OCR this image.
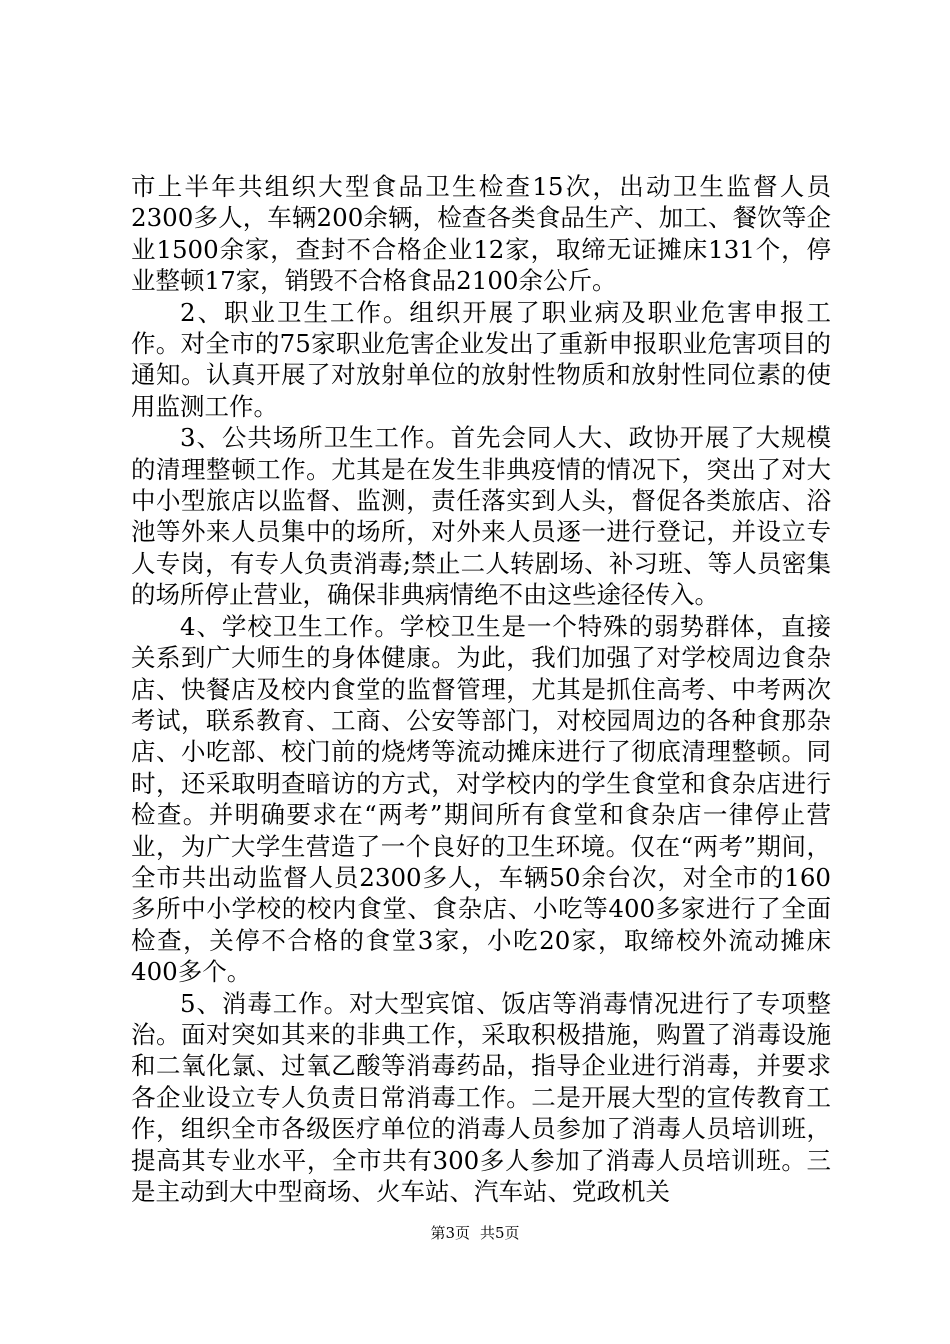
市上半年共组织大型食品卫生检查15次，出动卫生监督人员2300多人，车辆200余辆，检查各类食品生产、加工、餐饮等企业1500余家，查封不合格企业12家，取缔无证摊床131个，停业整顿17家，销毁不合格食品2100余公斤。

2、职业卫生工作。组织开展了职业病及职业危害申报工作。对全市的75家职业危害企业发出了重新申报职业危害项目的通知。认真开展了对放射单位的放射性物质和放射性同位素的使用监测工作。

3、公共场所卫生工作。首先会同人大、政协开展了大规模的清理整顿工作。尤其是在发生非典疫情的情况下，突出了对大中小型旅店以监督、监测，责任落实到人头，督促各类旅店、浴池等外来人员集中的场所，对外来人员逐一进行登记，并设立专人专岗，有专人负责消毒;禁止二人转剧场、补习班、等人员密集的场所停止营业，确保非典病情绝不由这些途径传入。

4、学校卫生工作。学校卫生是一个特殊的弱势群体，直接关系到广大师生的身体健康。为此，我们加强了对学校周边食杂店、快餐店及校内食堂的监督管理，尤其是抓住高考、中考两次考试，联系教育、工商、公安等部门，对校园周边的各种食那杂店、小吃部、校门前的烧烤等流动摊床进行了彻底清理整顿。同时，还采取明查暗访的方式，对学校内的学生食堂和食杂店进行检查。并明确要求在“两考”期间所有食堂和食杂店一律停止营业，为广大学生营造了一个良好的卫生环境。仅在“两考”期间，全市共出动监督人员2300多人，车辆50余台次，对全市的160多所中小学校的校内食堂、食杂店、小吃等400多家进行了全面检查，关停不合格的食堂3家，小吃20家，取缔校外流动摊床400多个。

5、消毒工作。对大型宾馆、饭店等消毒情况进行了专项整治。面对突如其来的非典工作，采取积极措施，购置了消毒设施和二氧化氯、过氧乙酸等消毒药品，指导企业进行消毒，并要求各企业设立专人负责日常消毒工作。二是开展大型的宣传教育工作，组织全市各级医疗单位的消毒人员参加了消毒人员培训班，提高其专业水平，全市共有300多人参加了消毒人员培训班。三是主动到大中型商场、火车站、汽车站、党政机关

第3页 共5页
